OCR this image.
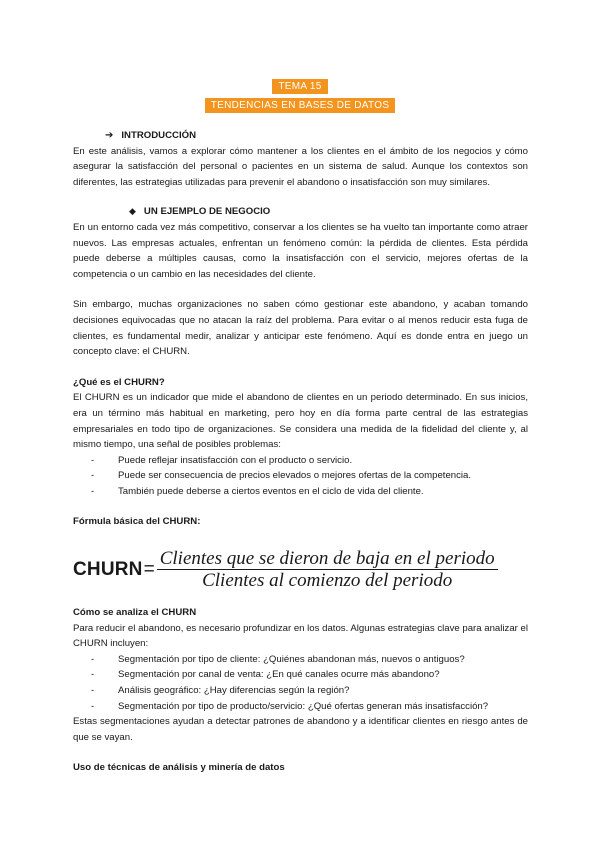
TEMA 15
TENDENCIAS EN BASES DE DATOS
➔ INTRODUCCIÓN

En este análisis, vamos a explorar cómo mantener a los clientes en el ámbito de los negocios y cómo asegurar la satisfacción del personal o pacientes en un sistema de salud. Aunque los contextos son diferentes, las estrategias utilizadas para prevenir el abandono o insatisfacción son muy similares.

◆ UN EJEMPLO DE NEGOCIO

En un entorno cada vez más competitivo, conservar a los clientes se ha vuelto tan importante como atraer nuevos. Las empresas actuales, enfrentan un fenómeno común: la pérdida de clientes. Esta pérdida puede deberse a múltiples causas, como la insatisfacción con el servicio, mejores ofertas de la competencia o un cambio en las necesidades del cliente.

Sin embargo, muchas organizaciones no saben cómo gestionar este abandono, y acaban tomando decisiones equivocadas que no atacan la raíz del problema. Para evitar o al menos reducir esta fuga de clientes, es fundamental medir, analizar y anticipar este fenómeno. Aquí es donde entra en juego un concepto clave: el CHURN.

¿Qué es el CHURN?

El CHURN es un indicador que mide el abandono de clientes en un periodo determinado. En sus inicios, era un término más habitual en marketing, pero hoy en día forma parte central de las estrategias empresariales en todo tipo de organizaciones. Se considera una medida de la fidelidad del cliente y, al mismo tiempo, una señal de posibles problemas:

-	Puede reflejar insatisfacción con el producto o servicio.
-	Puede ser consecuencia de precios elevados o mejores ofertas de la competencia.
-	También puede deberse a ciertos eventos en el ciclo de vida del cliente.
Fórmula básica del CHURN:
CHURN = $\frac{\text{Clientes que se dieron de baja en el periodo}}{\text{Clientes al comienzo del periodo}}$
Cómo se analiza el CHURN

Para reducir el abandono, es necesario profundizar en los datos. Algunas estrategias clave para analizar el CHURN incluyen:

-	Segmentación por tipo de cliente: ¿Quiénes abandonan más, nuevos o antiguos?
-	Segmentación por canal de venta: ¿En qué canales ocurre más abandono?
-	Análisis geográfico: ¿Hay diferencias según la región?
-	Segmentación por tipo de producto/servicio: ¿Qué ofertas generan más insatisfacción?

Estas segmentaciones ayudan a detectar patrones de abandono y a identificar clientes en riesgo antes de que se vayan.

Uso de técnicas de análisis y minería de datos
